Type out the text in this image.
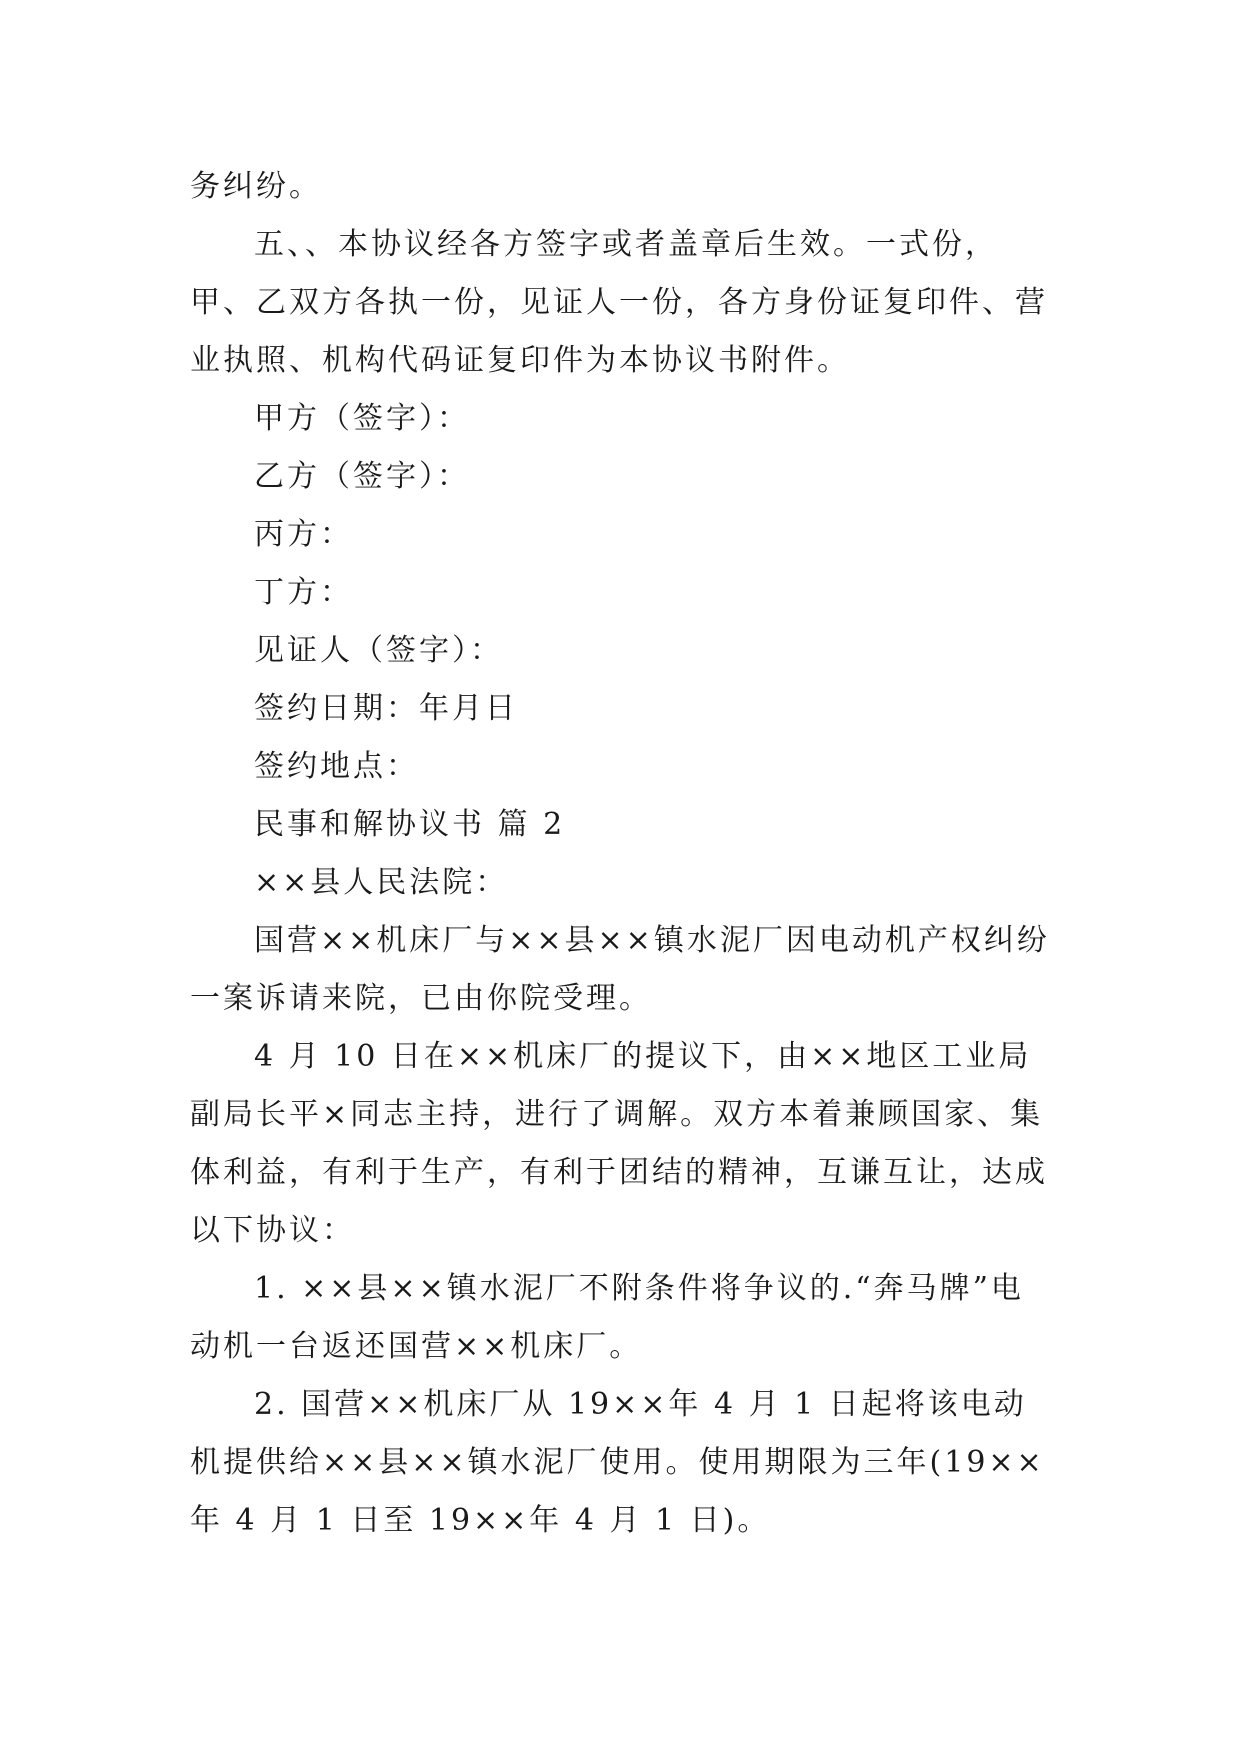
务纠纷。

五、、本协议经各方签字或者盖章后生效。一式份，甲、乙双方各执一份，见证人一份，各方身份证复印件、营业执照、机构代码证复印件为本协议书附件。

甲方（签字）：

乙方（签字）：

丙方：

丁方：

见证人（签字）：

签约日期：年月日

签约地点：

民事和解协议书 篇 2

××县人民法院：

国营××机床厂与××县××镇水泥厂因电动机产权纠纷一案诉请来院，已由你院受理。

4 月 10 日在××机床厂的提议下，由××地区工业局副局长平×同志主持，进行了调解。双方本着兼顾国家、集体利益，有利于生产，有利于团结的精神，互谦互让，达成以下协议：

1. ××县××镇水泥厂不附条件将争议的.“奔马牌”电动机一台返还国营××机床厂。

2. 国营××机床厂从 19××年 4 月 1 日起将该电动机提供给××县××镇水泥厂使用。使用期限为三年(19××年 4 月 1 日至 19××年 4 月 1 日)。
